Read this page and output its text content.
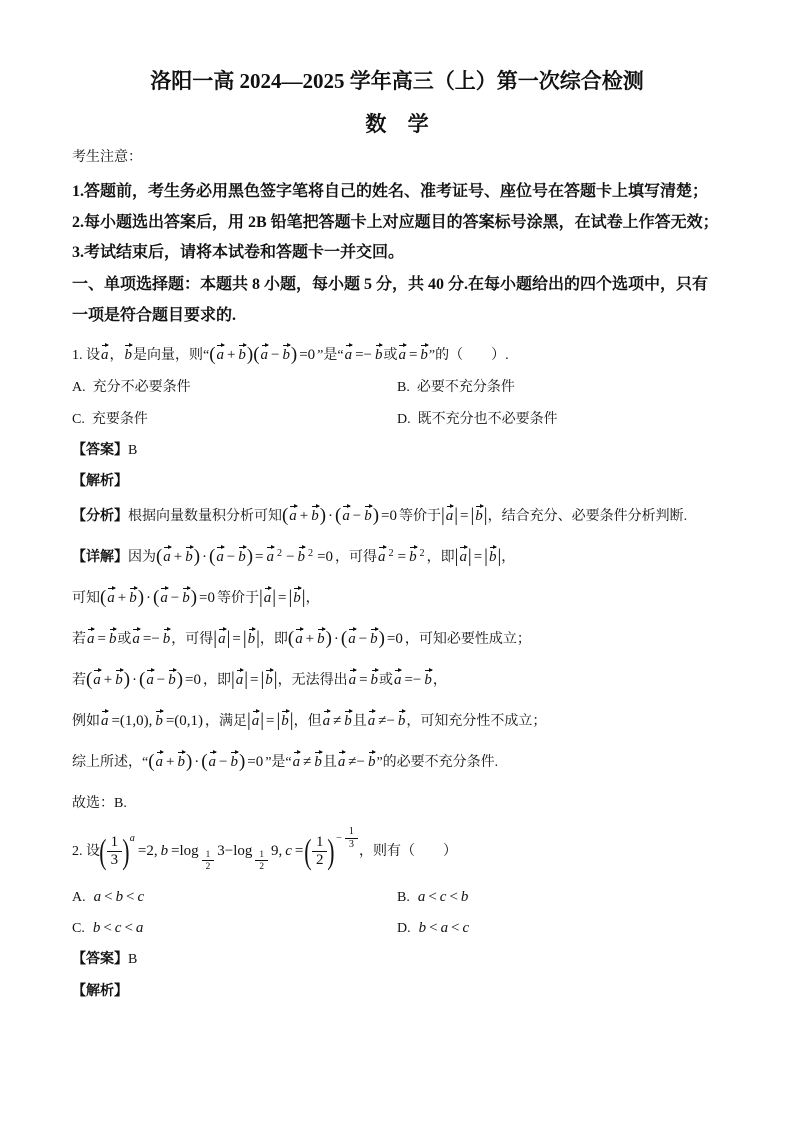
洛阳一高 2024—2025 学年高三（上）第一次综合检测
数 学
考生注意：
1.答题前，考生务必用黑色签字笔将自己的姓名、准考证号、座位号在答题卡上填写清楚；
2.每小题选出答案后，用 2B 铅笔把答题卡上对应题目的答案标号涂黑，在试卷上作答无效；
3.考试结束后，请将本试卷和答题卡一并交回。
一、单项选择题：本题共 8 小题，每小题 5 分，共 40 分.在每小题给出的四个选项中，只有
一项是符合题目要求的.
1. 设a，b是向量，则“(a + b)(a − b) =0 ”是“a =− b或a = b”的（　　）.
A. 充分不必要条件	B. 必要不充分条件
C. 充要条件	D. 既不充分也不必要条件
【答案】B
【解析】
【分析】根据向量数量积分析可知(a + b) · (a − b) =0 等价于|a| = |b|，结合充分、必要条件分析判断.
【详解】因为(a + b) · (a − b) = a 2 − b 2 =0 ，可得a 2 = b 2 ，即|a| = |b|，
可知(a + b) · (a − b) =0 等价于|a| = |b|，
若a = b或a =− b，可得|a| = |b|，即(a + b) · (a − b) =0 ，可知必要性成立；
若(a + b) · (a − b) =0 ，即|a| = |b|，无法得出a = b或a =− b，
例如a =(1,0), b =(0,1) ，满足|a| = |b|，但a ≠ b且a ≠− b，可知充分性不成立；
综上所述，“(a + b) · (a − b) =0 ”是“a ≠ b且a ≠− b”的必要不充分条件.
故选：B.
2. 设( $\frac{1}{3} )a=2$, $b =\log \frac{1}{2} 3-\log \frac{1}{2} 9$, c =( $\frac{1}{2}$ )− $\frac{1}{3}$
，则有（　　）
A. a < b < c	B. a < c < b
C. b < c < a	D. b < a < c
【答案】B
【解析】
